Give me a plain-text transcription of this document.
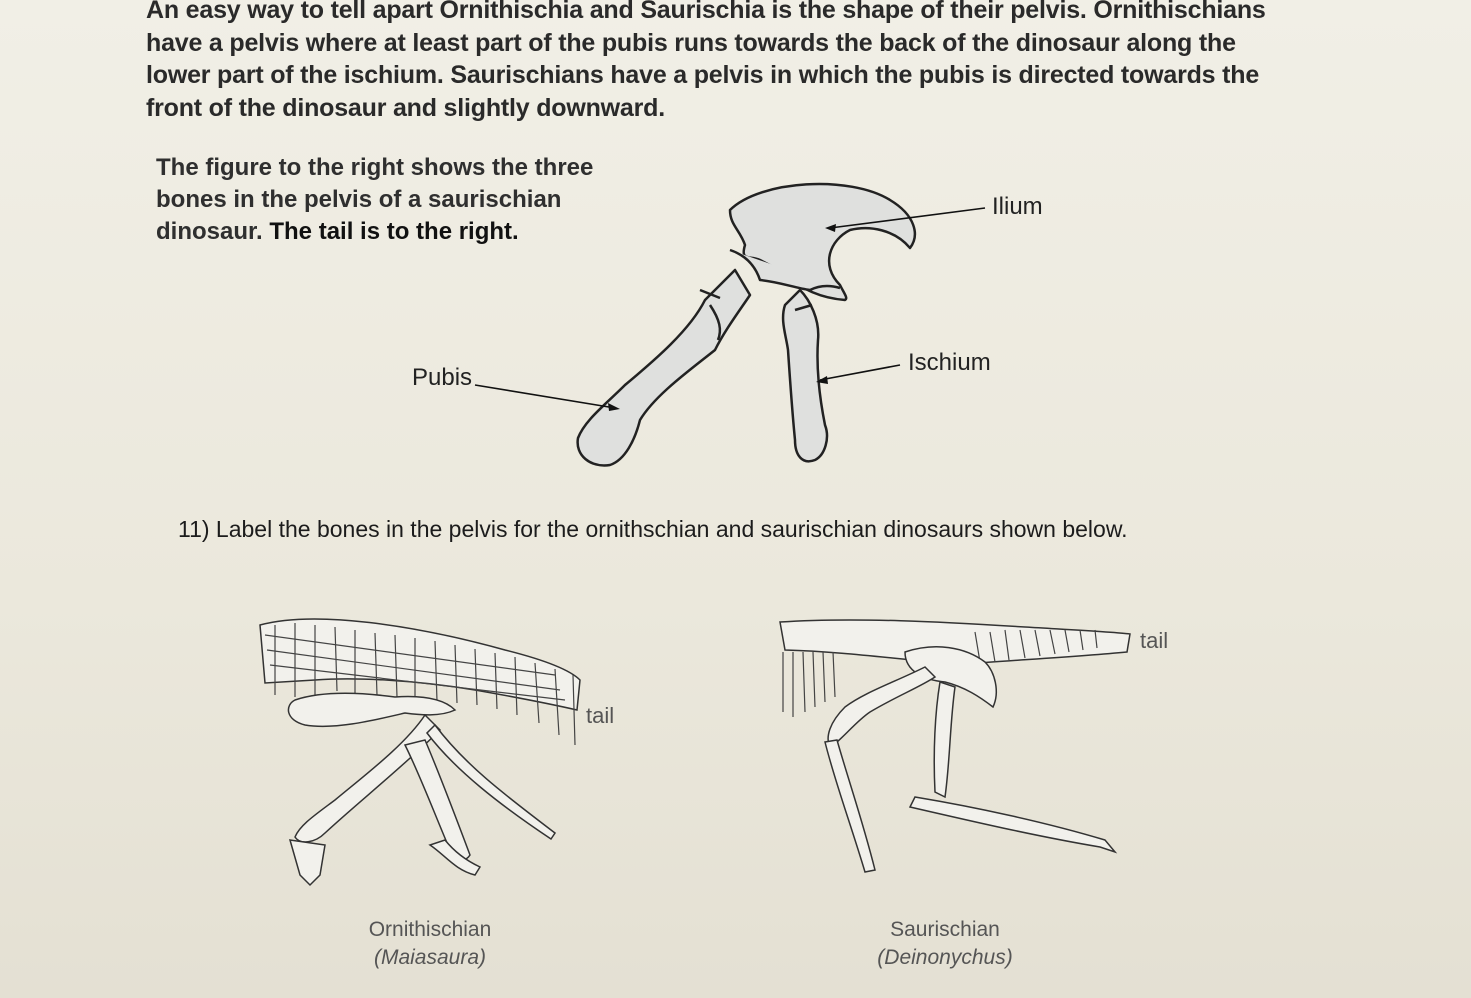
An easy way to tell apart Ornithischia and Saurischia is the shape of their pelvis. Ornithischians have a pelvis where at least part of the pubis runs towards the back of the dinosaur along the lower part of the ischium. Saurischians have a pelvis in which the pubis is directed towards the front of the dinosaur and slightly downward.
The figure to the right shows the three bones in the pelvis of a saurischian dinosaur. The tail is to the right.
Ilium
Ischium
Pubis
11) Label the bones in the pelvis for the ornithschian and saurischian dinosaurs shown below.
tail
Ornithischian
(Maiasaura)
tail
Saurischian
(Deinonychus)
